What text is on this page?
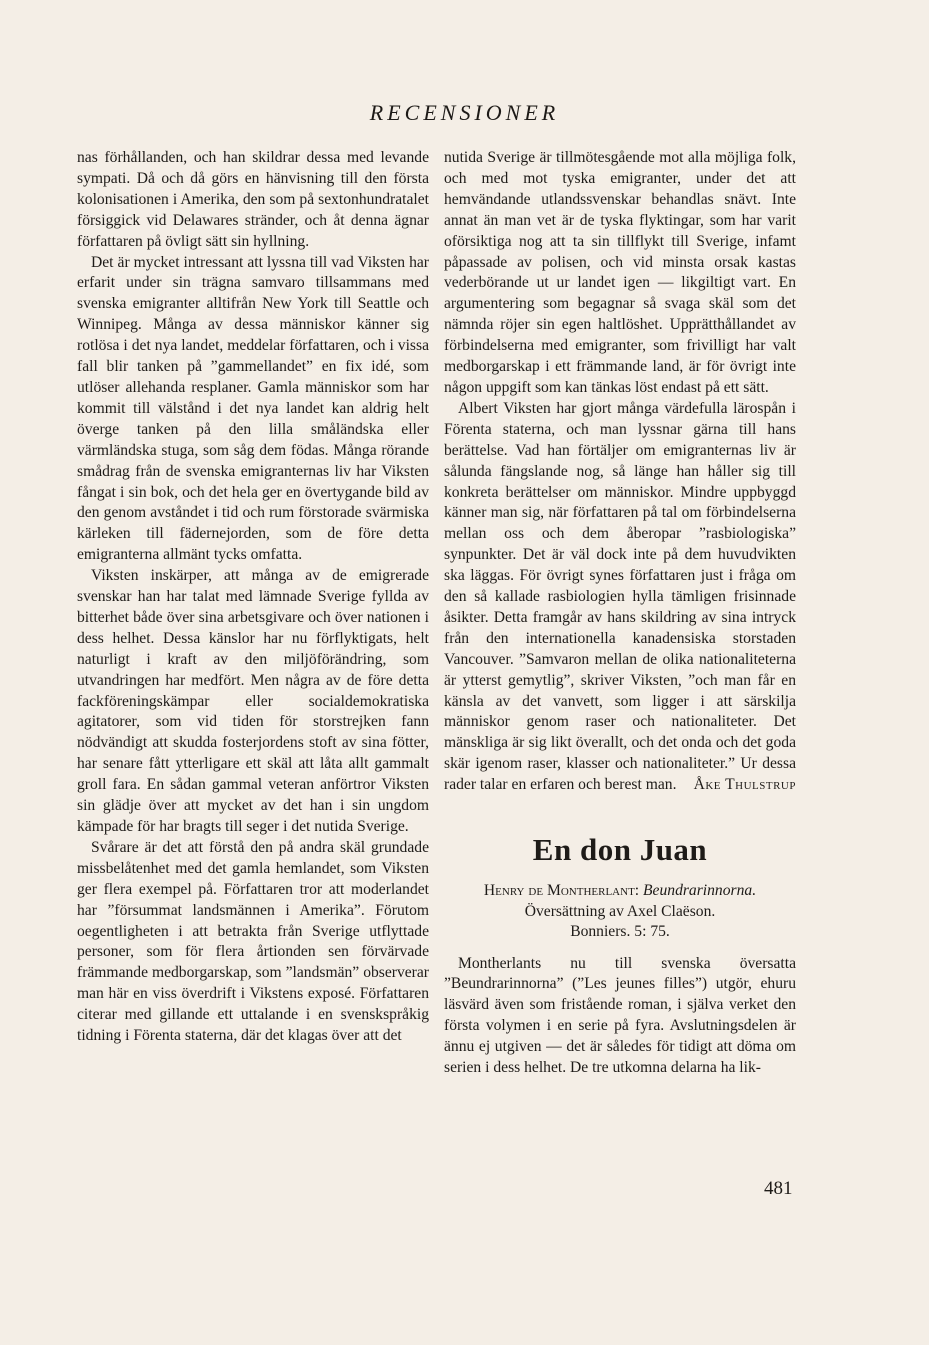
RECENSIONER

nas förhållanden, och han skildrar dessa med levande sympati. Då och då görs en hänvisning till den första kolonisationen i Amerika, den som på sextonhundratalet försiggick vid Delawares stränder, och åt denna ägnar författaren på övligt sätt sin hyllning.

Det är mycket intressant att lyssna till vad Viksten har erfarit under sin trägna samvaro tillsammans med svenska emigranter alltifrån New York till Seattle och Winnipeg. Många av dessa människor känner sig rotlösa i det nya landet, meddelar författaren, och i vissa fall blir tanken på ”gammellandet” en fix idé, som utlöser allehanda resplaner. Gamla människor som har kommit till välstånd i det nya landet kan aldrig helt överge tanken på den lilla småländska eller värmländska stuga, som såg dem födas. Många rörande smådrag från de svenska emigranternas liv har Viksten fångat i sin bok, och det hela ger en övertygande bild av den genom avståndet i tid och rum förstorade svärmiska kärleken till fädernejorden, som de före detta emigranterna allmänt tycks omfatta.

Viksten inskärper, att många av de emigrerade svenskar han har talat med lämnade Sverige fyllda av bitterhet både över sina arbetsgivare och över nationen i dess helhet. Dessa känslor har nu förflyktigats, helt naturligt i kraft av den miljöförändring, som utvandringen har medfört. Men några av de före detta fackföreningskämpar eller socialdemokratiska agitatorer, som vid tiden för storstrejken fann nödvändigt att skudda fosterjordens stoft av sina fötter, har senare fått ytterligare ett skäl att låta allt gammalt groll fara. En sådan gammal veteran anförtror Viksten sin glädje över att mycket av det han i sin ungdom kämpade för har bragts till seger i det nutida Sverige.

Svårare är det att förstå den på andra skäl grundade missbelåtenhet med det gamla hemlandet, som Viksten ger flera exempel på. Författaren tror att moderlandet har ”försummat landsmännen i Amerika”. Förutom oegentligheten i att betrakta från Sverige utflyttade personer, som för flera årtionden sen förvärvade främmande medborgarskap, som ”landsmän” observerar man här en viss överdrift i Vikstens exposé. Författaren citerar med gillande ett uttalande i en svenskspråkig tidning i Förenta staterna, där det klagas över att det

nutida Sverige är tillmötesgående mot alla möjliga folk, och med mot tyska emigranter, under det att hemvändande utlandssvenskar behandlas snävt. Inte annat än man vet är de tyska flyktingar, som har varit oförsiktiga nog att ta sin tillflykt till Sverige, infamt påpassade av polisen, och vid minsta orsak kastas vederbörande ut ur landet igen — likgiltigt vart. En argumentering som begagnar så svaga skäl som det nämnda röjer sin egen haltlöshet. Upprätthållandet av förbindelserna med emigranter, som frivilligt har valt medborgarskap i ett främmande land, är för övrigt inte någon uppgift som kan tänkas löst endast på ett sätt.

Albert Viksten har gjort många värdefulla lärospån i Förenta staterna, och man lyssnar gärna till hans berättelse. Vad han förtäljer om emigranternas liv är sålunda fängslande nog, så länge han håller sig till konkreta berättelser om människor. Mindre uppbyggd känner man sig, när författaren på tal om förbindelserna mellan oss och dem åberopar ”rasbiologiska” synpunkter. Det är väl dock inte på dem huvudvikten ska läggas. För övrigt synes författaren just i fråga om den så kallade rasbiologien hylla tämligen frisinnade åsikter. Detta framgår av hans skildring av sina intryck från den internationella kanadensiska storstaden Vancouver. ”Samvaron mellan de olika nationaliteterna är ytterst gemytlig”, skriver Viksten, ”och man får en känsla av det vanvett, som ligger i att särskilja människor genom raser och nationaliteter. Det mänskliga är sig likt överallt, och det onda och det goda skär igenom raser, klasser och nationaliteter.” Ur dessa rader talar en erfaren och berest man.	Åke Thulstrup

En don Juan

Henry de Montherlant: Beundrarinnorna. Översättning av Axel Claëson.
Bonniers. 5: 75.

Montherlants nu till svenska översatta ”Beundrarinnorna” (”Les jeunes filles”) utgör, ehuru läsvärd även som fristående roman, i själva verket den första volymen i en serie på fyra. Avslutningsdelen är ännu ej utgiven — det är således för tidigt att döma om serien i dess helhet. De tre utkomna delarna ha lik-

481
